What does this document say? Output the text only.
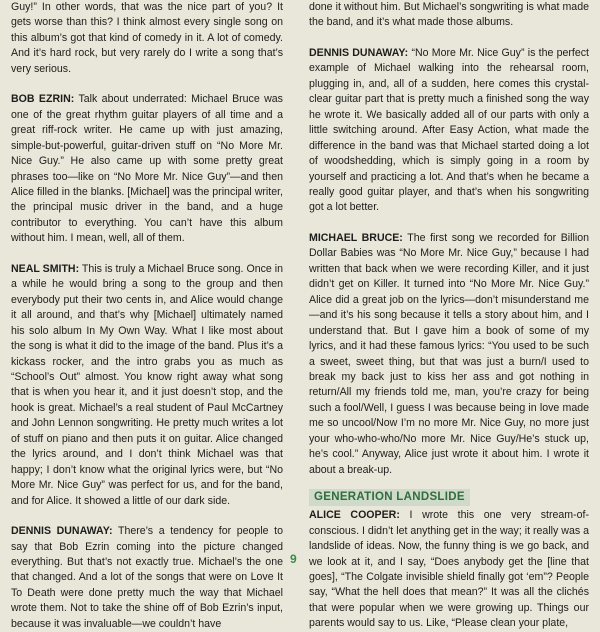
Guy!” In other words, that was the nice part of you? It gets worse than this? I think almost every single song on this album’s got that kind of comedy in it. A lot of comedy. And it’s hard rock, but very rarely do I write a song that’s very serious.

BOB EZRIN: Talk about underrated: Michael Bruce was one of the great rhythm guitar players of all time and a great riff-rock writer. He came up with just amazing, simple-but-powerful, guitar-driven stuff on “No More Mr. Nice Guy.” He also came up with some pretty great phrases too—like on “No More Mr. Nice Guy”—and then Alice filled in the blanks. [Michael] was the principal writer, the principal music driver in the band, and a huge contributor to everything. You can’t have this album without him. I mean, well, all of them.

NEAL SMITH: This is truly a Michael Bruce song. Once in a while he would bring a song to the group and then everybody put their two cents in, and Alice would change it all around, and that’s why [Michael] ultimately named his solo album In My Own Way. What I like most about the song is what it did to the image of the band. Plus it’s a kickass rocker, and the intro grabs you as much as “School’s Out” almost. You know right away what song that is when you hear it, and it just doesn’t stop, and the hook is great. Michael’s a real student of Paul McCartney and John Lennon songwriting. He pretty much writes a lot of stuff on piano and then puts it on guitar. Alice changed the lyrics around, and I don’t think Michael was that happy; I don’t know what the original lyrics were, but “No More Mr. Nice Guy” was perfect for us, and for the band, and for Alice. It showed a little of our dark side.

DENNIS DUNAWAY: There’s a tendency for people to say that Bob Ezrin coming into the picture changed everything. But that’s not exactly true. Michael’s the one that changed. And a lot of the songs that were on Love It To Death were done pretty much the way that Michael wrote them. Not to take the shine off of Bob Ezrin’s input, because it was invaluable—we couldn’t have

done it without him. But Michael’s songwriting is what made the band, and it’s what made those albums.

DENNIS DUNAWAY: “No More Mr. Nice Guy” is the perfect example of Michael walking into the rehearsal room, plugging in, and, all of a sudden, here comes this crystal-clear guitar part that is pretty much a finished song the way he wrote it. We basically added all of our parts with only a little switching around. After Easy Action, what made the difference in the band was that Michael started doing a lot of woodshedding, which is simply going in a room by yourself and practicing a lot. And that’s when he became a really good guitar player, and that’s when his songwriting got a lot better.

MICHAEL BRUCE: The first song we recorded for Billion Dollar Babies was “No More Mr. Nice Guy,” because I had written that back when we were recording Killer, and it just didn’t get on Killer. It turned into “No More Mr. Nice Guy.” Alice did a great job on the lyrics—don’t misunderstand me—and it’s his song because it tells a story about him, and I understand that. But I gave him a book of some of my lyrics, and it had these famous lyrics: “You used to be such a sweet, sweet thing, but that was just a burn/I used to break my back just to kiss her ass and got nothing in return/All my friends told me, man, you’re crazy for being such a fool/Well, I guess I was because being in love made me so uncool/Now I’m no more Mr. Nice Guy, no more just your who-who-who/No more Mr. Nice Guy/He’s stuck up, he’s cool.” Anyway, Alice just wrote it about him. I wrote it about a break-up.

GENERATION LANDSLIDE

ALICE COOPER: I wrote this one very stream-of-conscious. I didn’t let anything get in the way; it really was a landslide of ideas. Now, the funny thing is we go back, and we look at it, and I say, “Does anybody get the [line that goes], “The Colgate invisible shield finally got ‘em”? People say, “What the hell does that mean?” It was all the clichés that were popular when we were growing up. Things our parents would say to us. Like, “Please clean your plate,

9
